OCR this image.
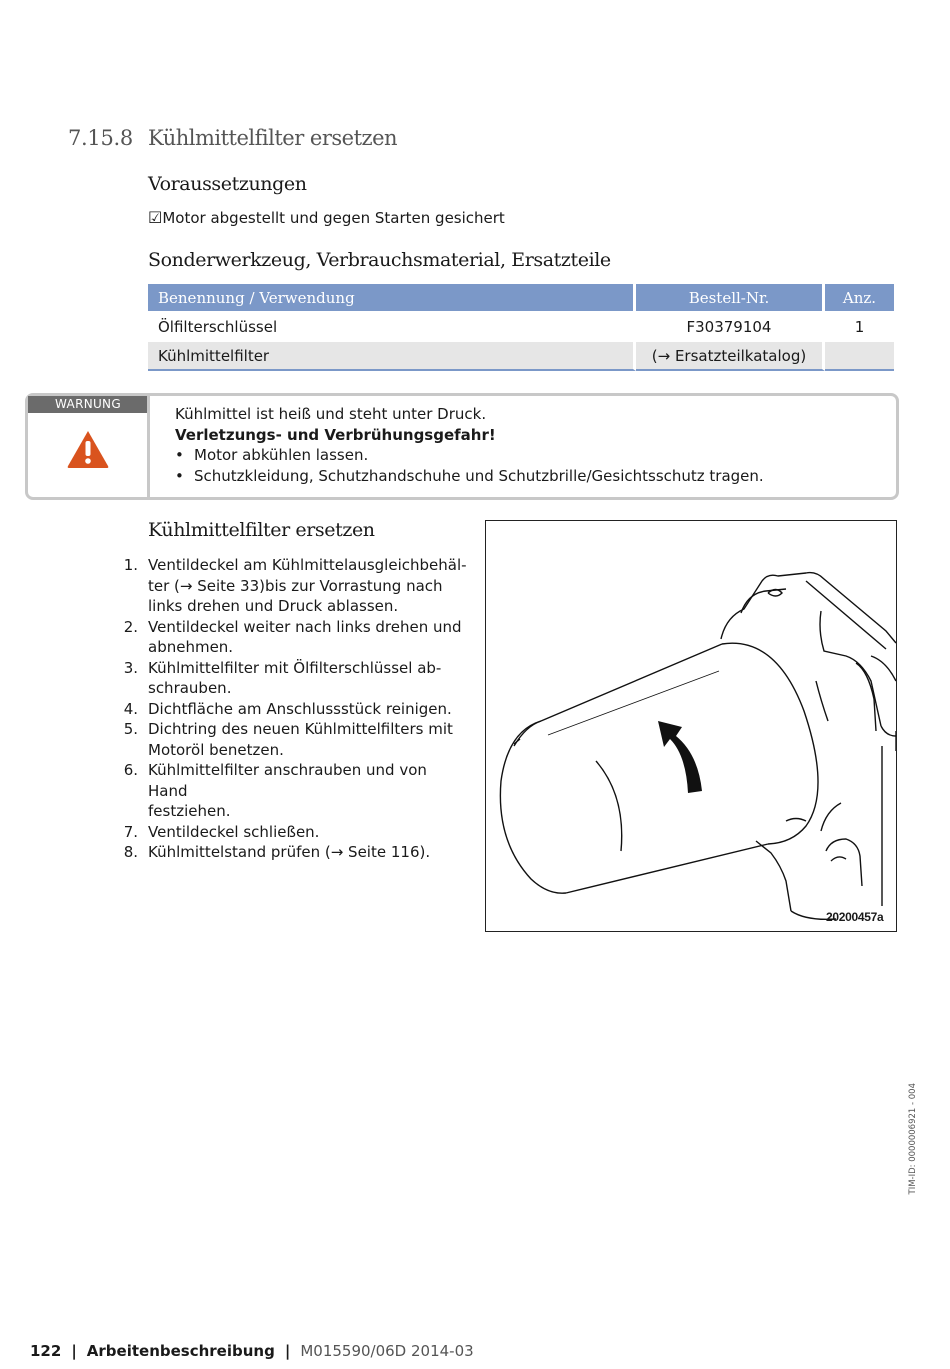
7.15.8 Kühlmittelfilter ersetzen
Voraussetzungen
☑Motor abgestellt und gegen Starten gesichert
Sonderwerkzeug, Verbrauchsmaterial, Ersatzteile
Benennung / Verwendung	Bestell-Nr.	Anz.
Ölfilterschlüssel	F30379104	1
Kühlmittelfilter	(→ Ersatzteilkatalog)	
WARNUNG
Kühlmittel ist heiß und steht unter Druck.
Verletzungs- und Verbrühungsgefahr!
• Motor abkühlen lassen.
• Schutzkleidung, Schutzhandschuhe und Schutzbrille/Gesichtsschutz tragen.
Kühlmittelfilter ersetzen
1. Ventildeckel am Kühlmittelausgleichbehäl-
ter (→ Seite 33)bis zur Vorrastung nach
links drehen und Druck ablassen.
2. Ventildeckel weiter nach links drehen und
abnehmen.
3. Kühlmittelfilter mit Ölfilterschlüssel ab-
schrauben.
4. Dichtfläche am Anschlussstück reinigen.
5. Dichtring des neuen Kühlmittelfilters mit
Motoröl benetzen.
6. Kühlmittelfilter anschrauben und von Hand
festziehen.
7. Ventildeckel schließen.
8. Kühlmittelstand prüfen (→ Seite 116).
20200457a
TIM-ID: 0000006921 - 004
122 | Arbeitenbeschreibung | M015590/06D 2014-03
